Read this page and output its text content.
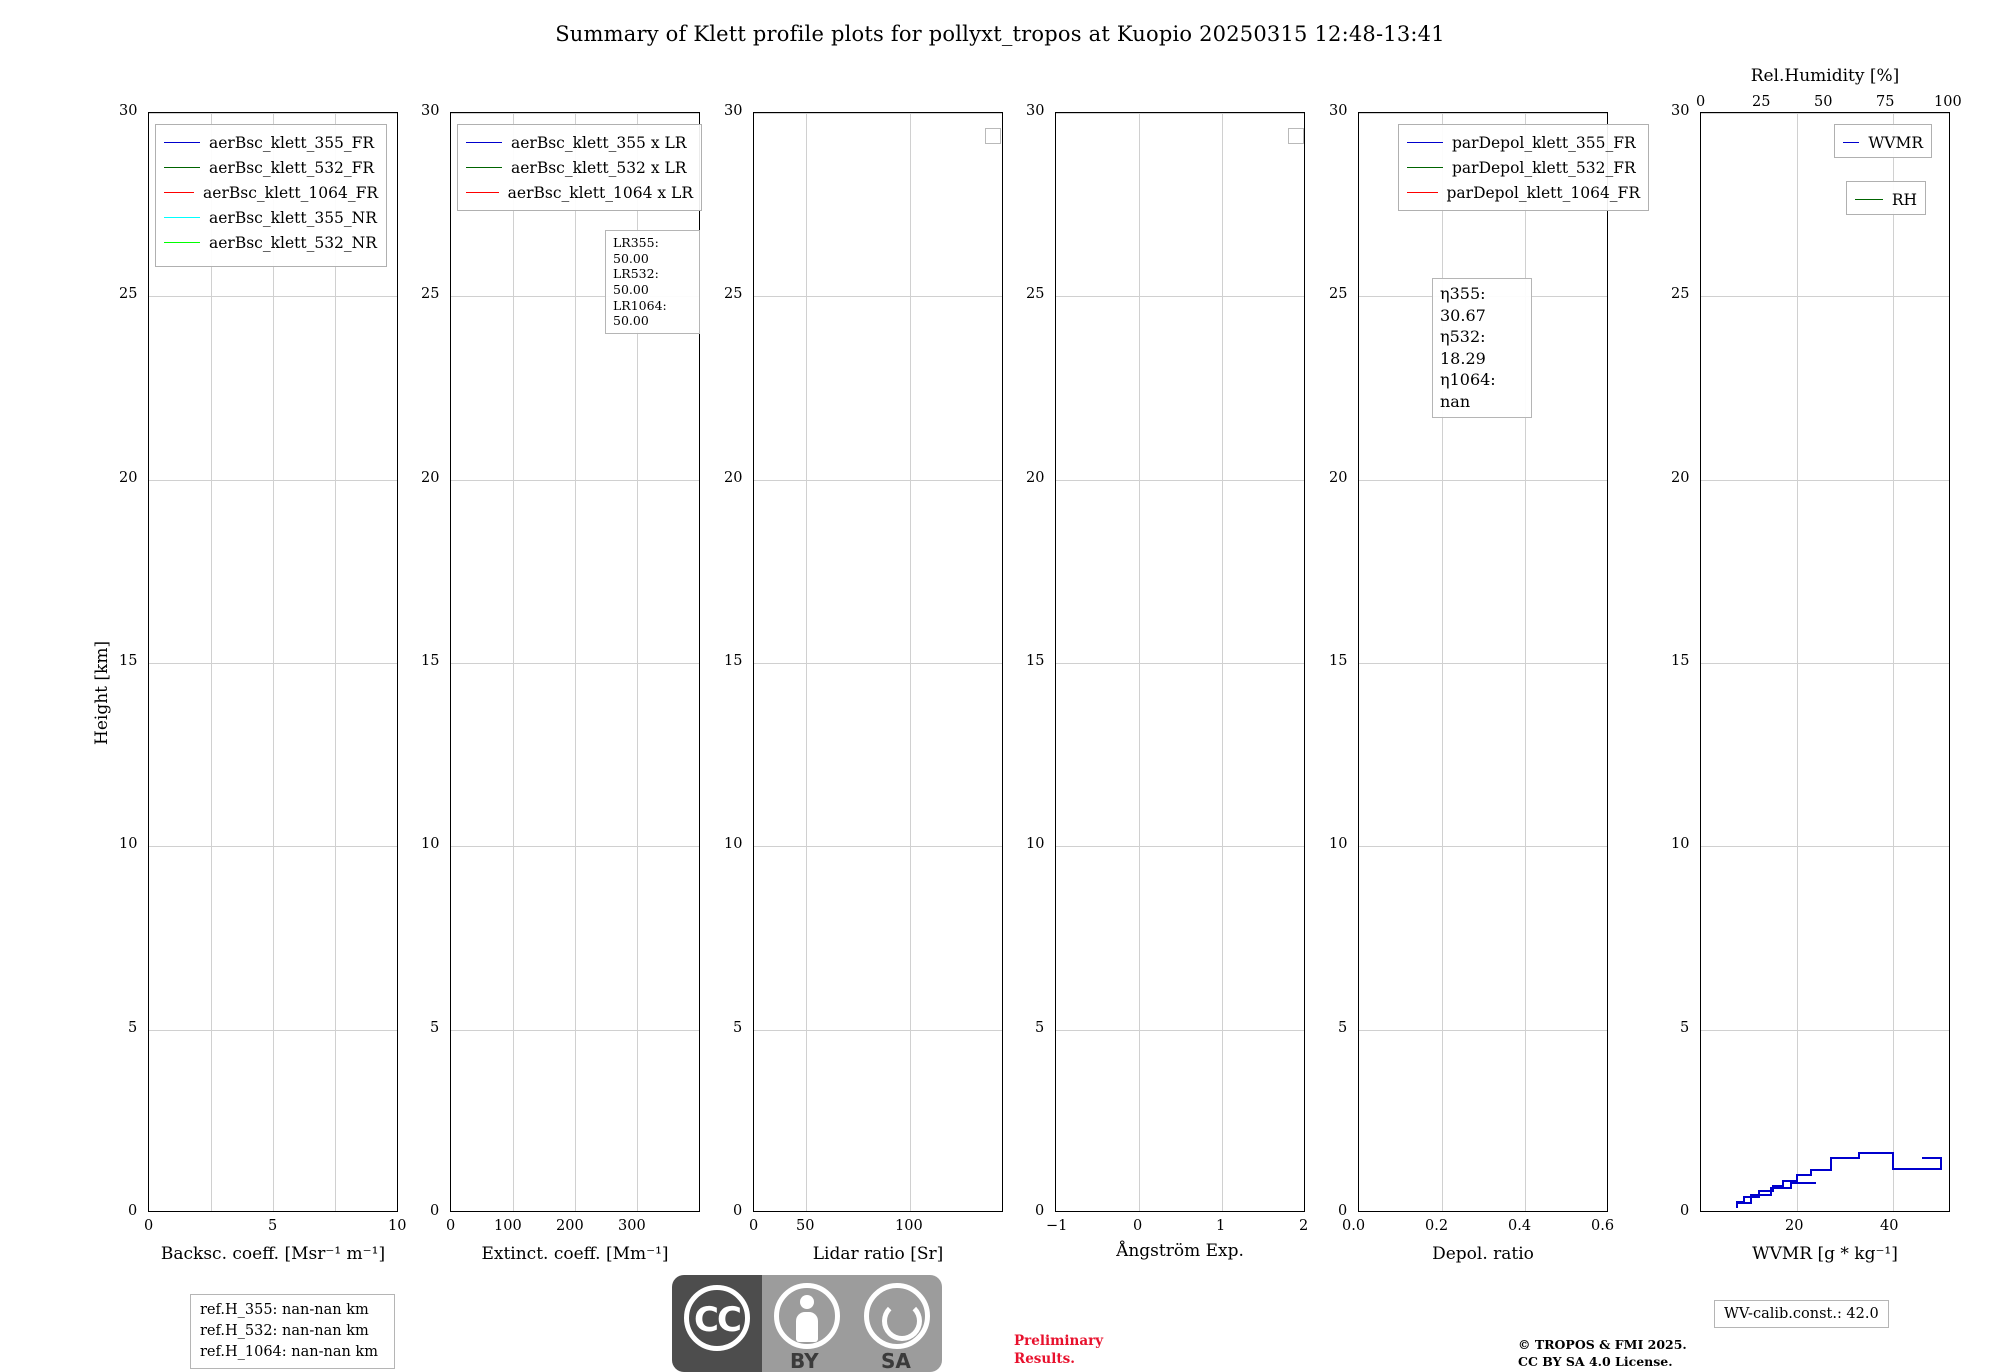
Summary of Klett profile plots for pollyxt_tropos at Kuopio 20250315 12:48-13:41
Height [km]
0
5
10
15
20
25
30
0	5	10
Backsc. coeff. [Msr⁻¹ m⁻¹]
aerBsc_klett_355_FR
aerBsc_klett_532_FR
aerBsc_klett_1064_FR
aerBsc_klett_355_NR
aerBsc_klett_532_NR
0
5
10
15
20
25
30
0	100 200 300
Extinct. coeff. [Mm⁻¹]
aerBsc_klett_355 x LR
aerBsc_klett_532 x LR
aerBsc_klett_1064 x LR
LR355: 50.00
LR532: 50.00
LR1064: 50.00
0
5
10
15
20
25
30
0	50	100
Lidar ratio [Sr]
0
5
10
15
20
25
30
−1	0	1	2
Ångström Exp.
0
5
10
15
20
25
30
0.0	0.2	0.4	0.6
Depol. ratio
parDepol_klett_355_FR
parDepol_klett_532_FR
parDepol_klett_1064_FR
η355: 30.67
η532: 18.29
η1064: nan
0	25	50	75	100
Rel.Humidity [%]
0
5
10
15
20
25
30
20	40
WVMR [g * kg⁻¹]
WVMR
RH
ref.H_355: nan-nan km
ref.H_532: nan-nan km
ref.H_1064: nan-nan km
WV-calib.const.: 42.0
Preliminary
Results.
© TROPOS & FMI 2025.
CC BY SA 4.0 License.
CC
BY	SA
